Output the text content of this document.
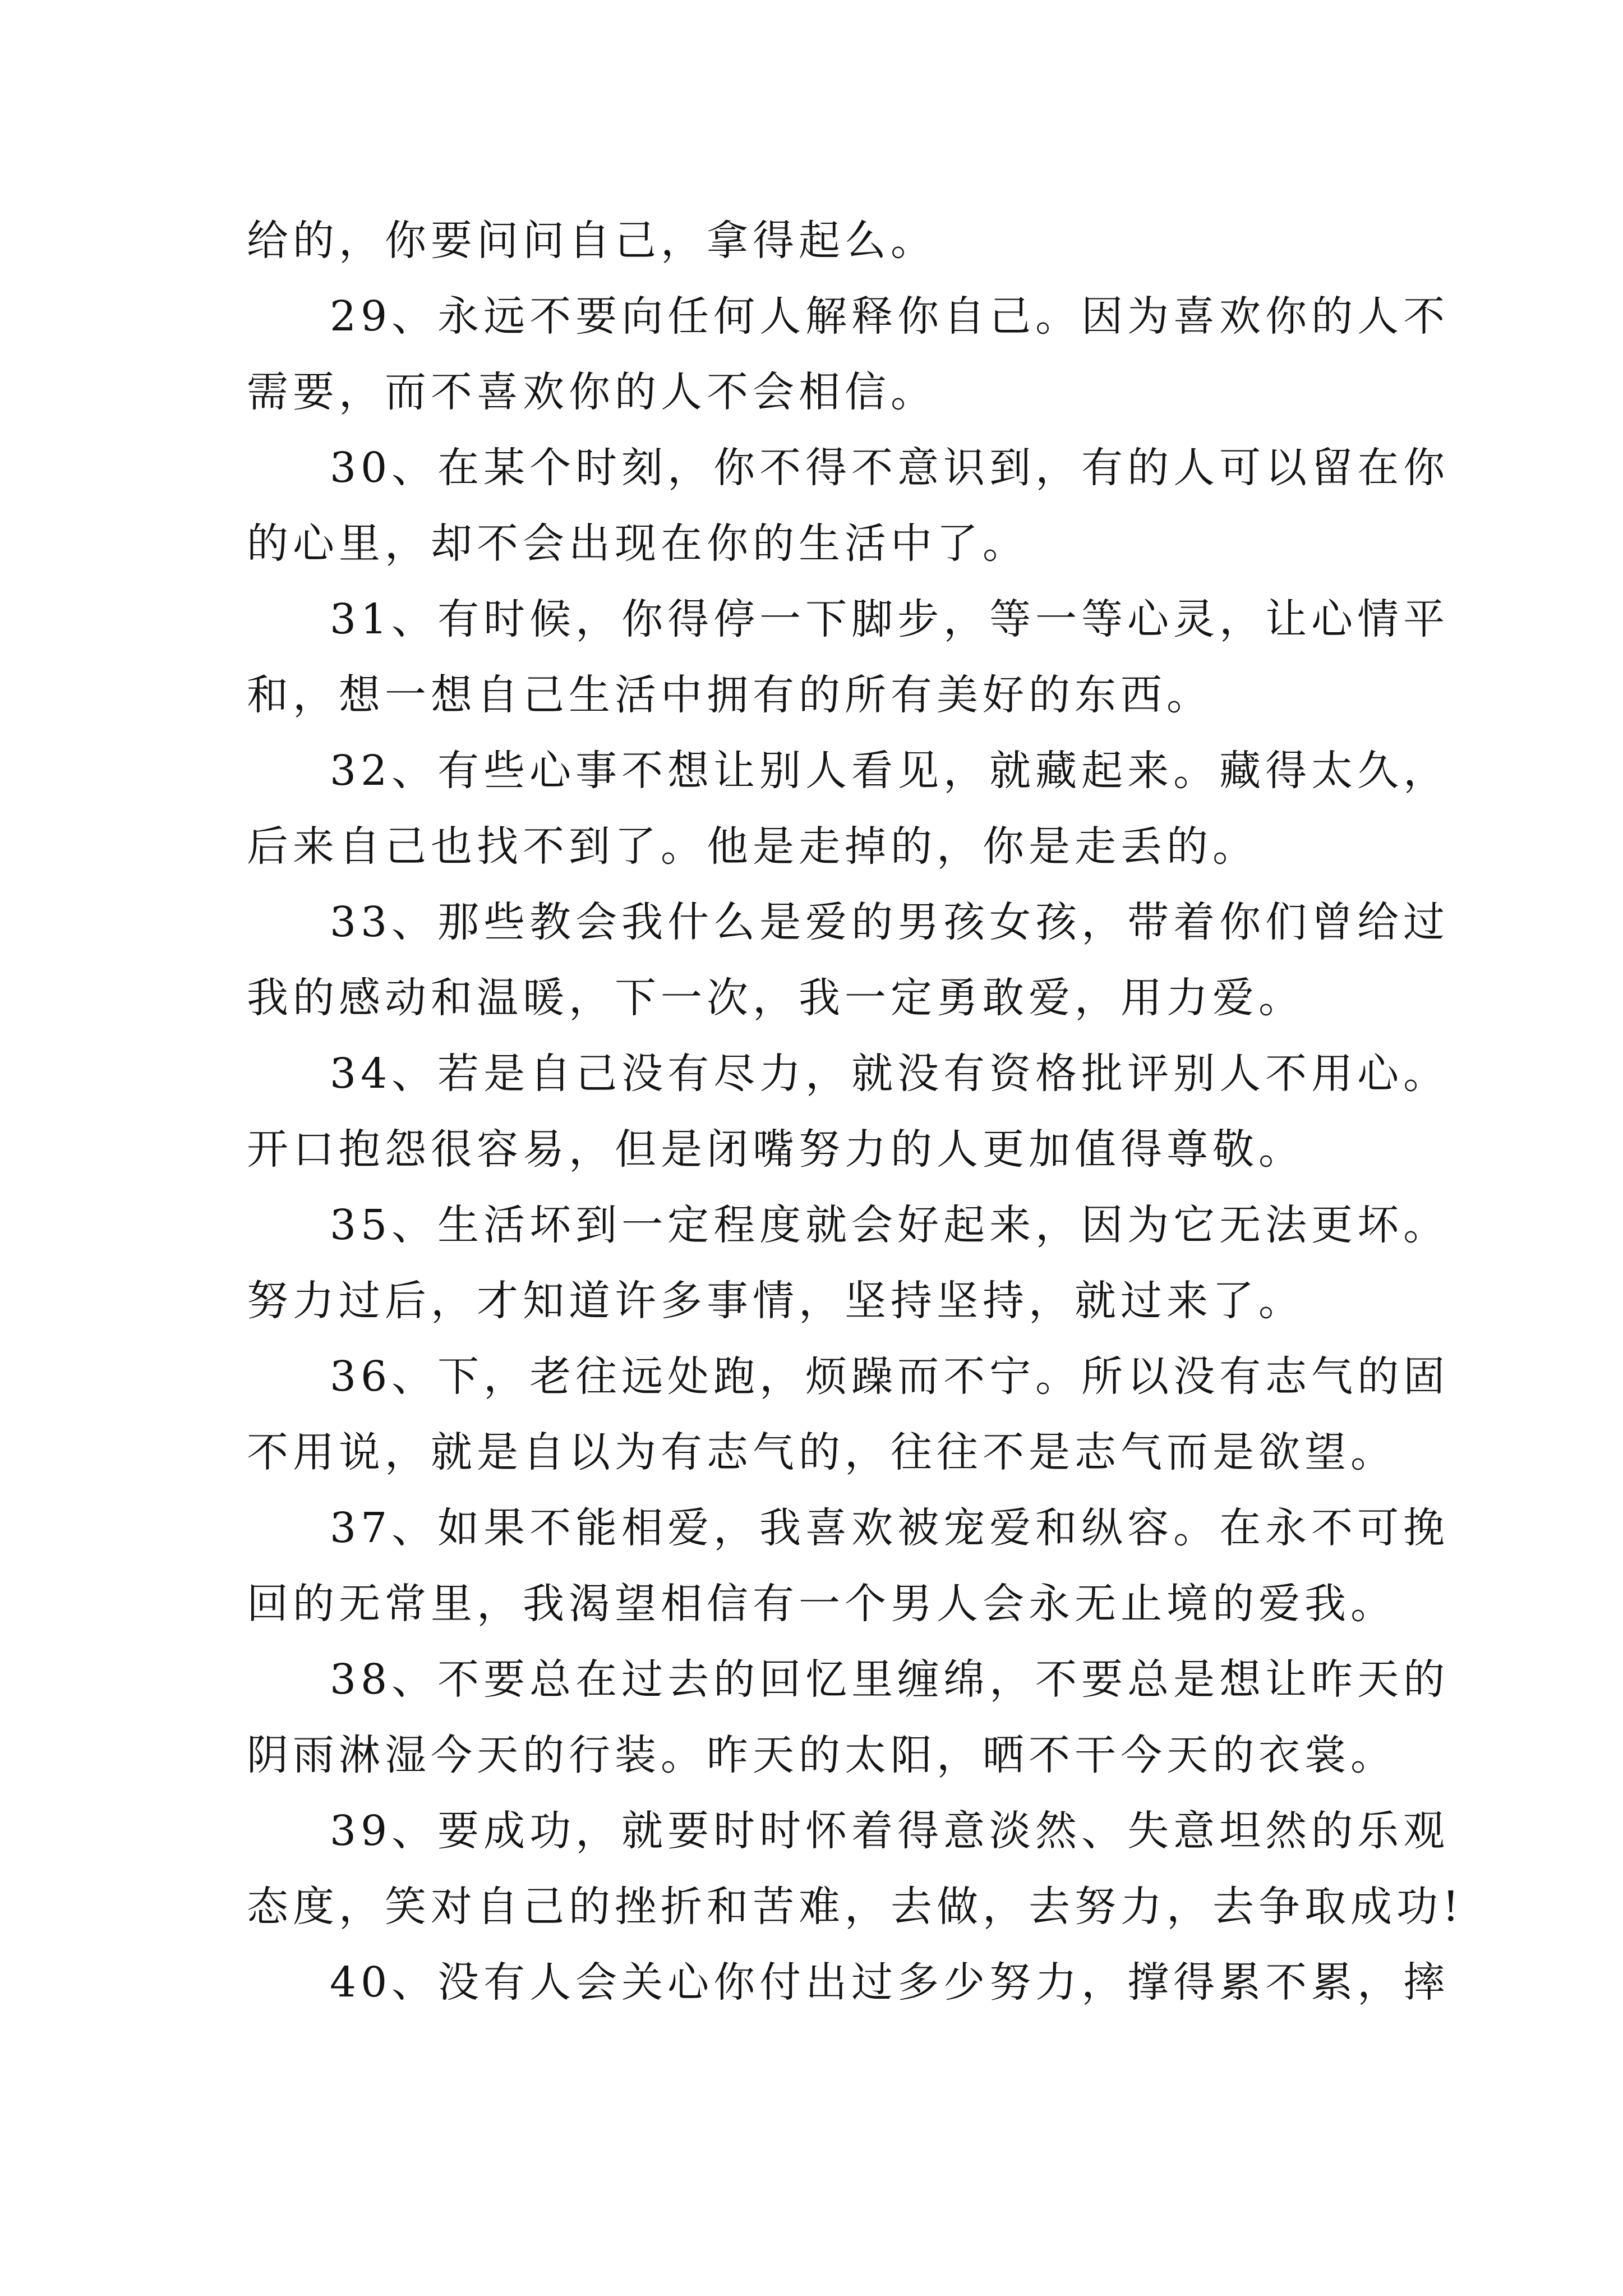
给的，你要问问自己，拿得起么。
29、永远不要向任何人解释你自己。因为喜欢你的人不
需要，而不喜欢你的人不会相信。
30、在某个时刻，你不得不意识到，有的人可以留在你
的心里，却不会出现在你的生活中了。
31、有时候，你得停一下脚步，等一等心灵，让心情平
和，想一想自己生活中拥有的所有美好的东西。
32、有些心事不想让别人看见，就藏起来。藏得太久，
后来自己也找不到了。他是走掉的，你是走丢的。
33、那些教会我什么是爱的男孩女孩，带着你们曾给过
我的感动和温暖，下一次，我一定勇敢爱，用力爱。
34、若是自己没有尽力，就没有资格批评别人不用心。
开口抱怨很容易，但是闭嘴努力的人更加值得尊敬。
35、生活坏到一定程度就会好起来，因为它无法更坏。
努力过后，才知道许多事情，坚持坚持，就过来了。
36、下，老往远处跑，烦躁而不宁。所以没有志气的固
不用说，就是自以为有志气的，往往不是志气而是欲望。
37、如果不能相爱，我喜欢被宠爱和纵容。在永不可挽
回的无常里，我渴望相信有一个男人会永无止境的爱我。
38、不要总在过去的回忆里缠绵，不要总是想让昨天的
阴雨淋湿今天的行装。昨天的太阳，晒不干今天的衣裳。
39、要成功，就要时时怀着得意淡然、失意坦然的乐观
态度，笑对自己的挫折和苦难，去做，去努力，去争取成功!
40、没有人会关心你付出过多少努力，撑得累不累，摔
